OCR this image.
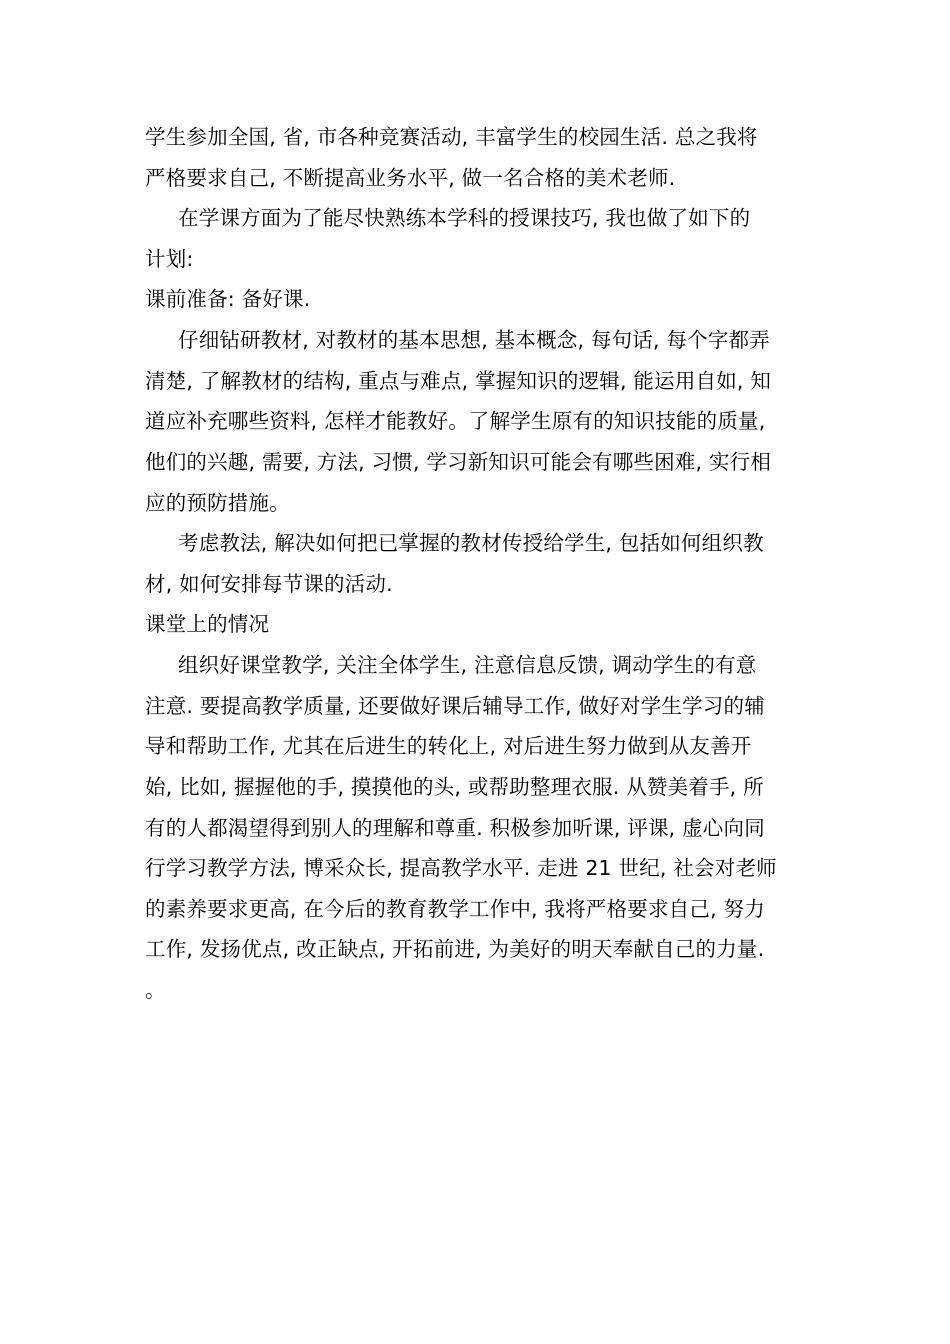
学生参加全国, 省, 市各种竞赛活动, 丰富学生的校园生活. 总之我将
严格要求自己, 不断提高业务水平, 做一名合格的美术老师.
在学课方面为了能尽快熟练本学科的授课技巧, 我也做了如下的
计划:
课前准备: 备好课.
仔细钻研教材, 对教材的基本思想, 基本概念, 每句话, 每个字都弄
清楚, 了解教材的结构, 重点与难点, 掌握知识的逻辑, 能运用自如, 知
道应补充哪些资料, 怎样才能教好。了解学生原有的知识技能的质量,
他们的兴趣, 需要, 方法, 习惯, 学习新知识可能会有哪些困难, 实行相
应的预防措施。
考虑教法, 解决如何把已掌握的教材传授给学生, 包括如何组织教
材, 如何安排每节课的活动.
课堂上的情况
组织好课堂教学, 关注全体学生, 注意信息反馈, 调动学生的有意
注意. 要提高教学质量, 还要做好课后辅导工作, 做好对学生学习的辅
导和帮助工作, 尤其在后进生的转化上, 对后进生努力做到从友善开
始, 比如, 握握他的手, 摸摸他的头, 或帮助整理衣服. 从赞美着手, 所
有的人都渴望得到别人的理解和尊重. 积极参加听课, 评课, 虚心向同
行学习教学方法, 博采众长, 提高教学水平. 走进 21 世纪, 社会对老师
的素养要求更高, 在今后的教育教学工作中, 我将严格要求自己, 努力
工作, 发扬优点, 改正缺点, 开拓前进, 为美好的明天奉献自己的力量.
。
